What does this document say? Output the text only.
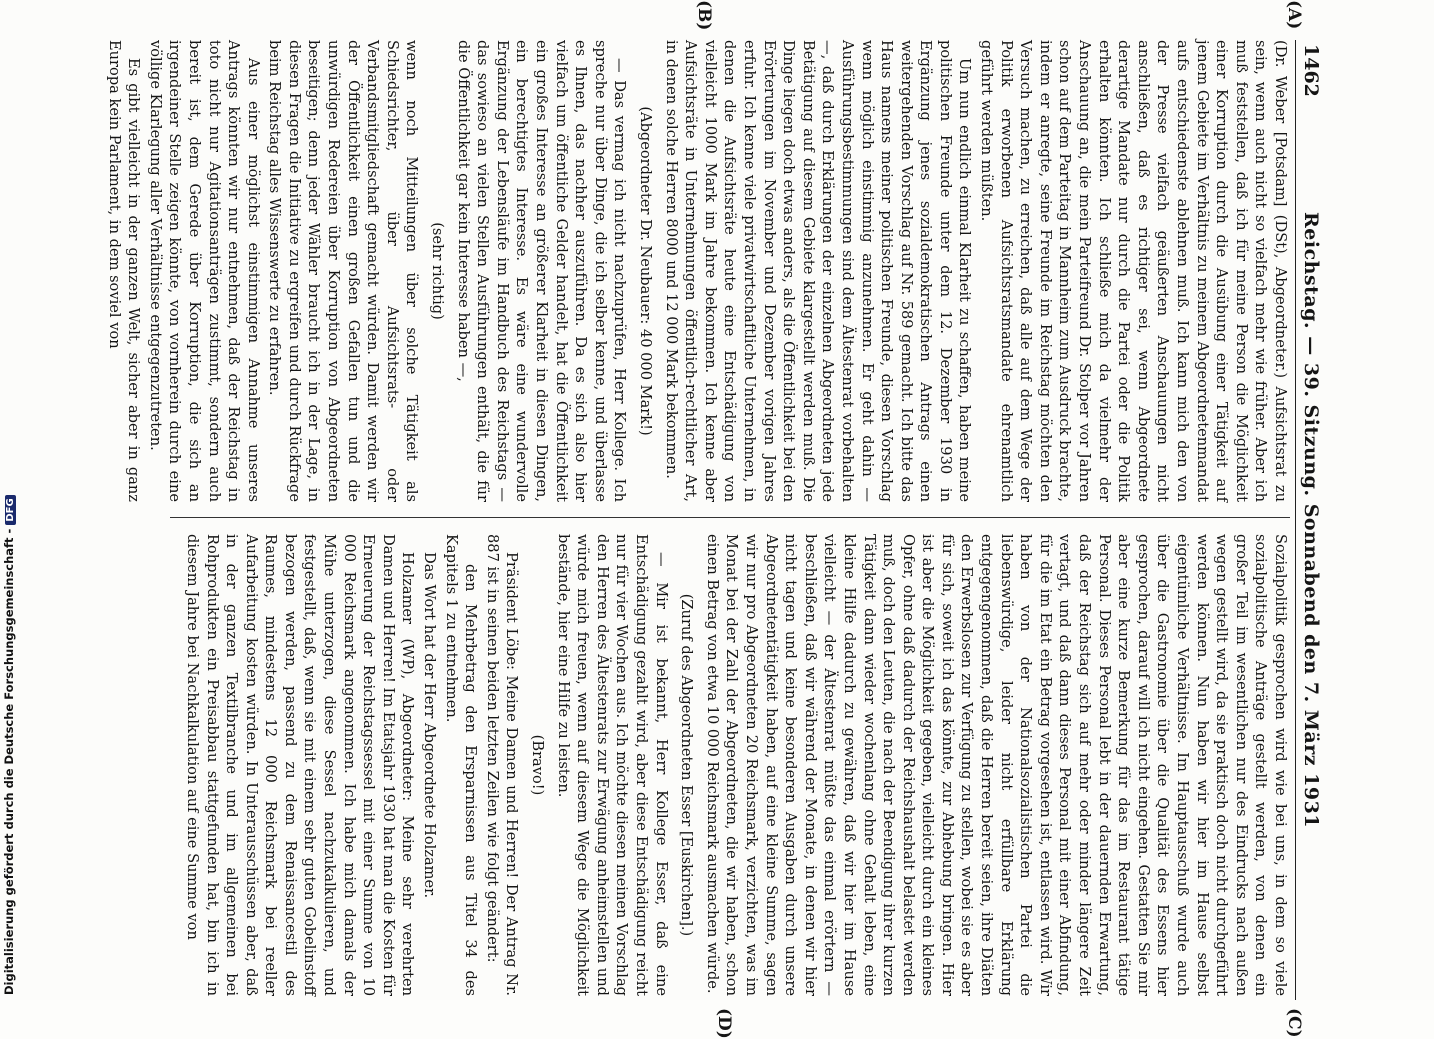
1462
Reichstag. — 39. Sitzung. Sonnabend den 7. März 1931
(A)
(B)
(C)
(D)

(Dr. Weber [Potsdam] (DSt), Abgeordneter.) Aufsichtsrat zu sein, wenn auch nicht so vielfach mehr wie früher. Aber ich muß feststellen, daß ich für meine Person die Möglichkeit einer Korruption durch die Ausübung einer Tätigkeit auf jenem Gebiete im Verhältnis zu meinem Abgeordnetenmandat aufs entschiedenste ablehnen muß. Ich kann mich den von der Presse vielfach geäußerten Anschauungen nicht anschließen, daß es richtiger sei, wenn Abgeordnete derartige Mandate nur durch die Partei oder die Politik erhalten könnten. Ich schließe mich da vielmehr der Anschauung an, die mein Parteifreund Dr. Stolper vor Jahren schon auf dem Parteitag in Mannheim zum Ausdruck brachte, indem er anregte, seine Freunde im Reichstag möchten den Versuch machen, zu erreichen, daß alle auf dem Wege der Politik erworbenen Aufsichtsratsmandate ehrenamtlich geführt werden müßten.

Um nun endlich einmal Klarheit zu schaffen, haben meine politischen Freunde unter dem 12. Dezember 1930 in Ergänzung jenes sozialdemokratischen Antrags einen weitergehenden Vorschlag auf Nr. 589 gemacht. Ich bitte das Haus namens meiner politischen Freunde, diesen Vorschlag wenn möglich einstimmig anzunehmen. Er geht dahin — Ausführungsbestimmungen sind dem Ältestenrat vorbehalten —, daß durch Erklärungen der einzelnen Abgeordneten jede Betätigung auf diesem Gebiete klargestellt werden muß. Die Dinge liegen doch etwas anders, als die Öffentlichkeit bei den Erörterungen im November und Dezember vorigen Jahres erfuhr. Ich kenne viele privatwirtschaftliche Unternehmen, in denen die Aufsichtsräte heute eine Entschädigung von vielleicht 1000 Mark im Jahre bekommen. Ich kenne aber Aufsichtsräte in Unternehmungen öffentlich-rechtlicher Art, in denen solche Herren 8000 und 12 000 Mark bekommen.

(Abgeordneter Dr. Neubauer: 40 000 Mark!)

— Das vermag ich nicht nachzuprüfen, Herr Kollege. Ich spreche nur über Dinge, die ich selber kenne, und überlasse es Ihnen, das nachher auszuführen. Da es sich also hier vielfach um öffentliche Gelder handelt, hat die Öffentlichkeit ein großes Interesse an größerer Klarheit in diesen Dingen, ein berechtigtes Interesse. Es wäre eine wundervolle Ergänzung der Lebensläufe im Handbuch des Reichstags — das sowieso an vielen Stellen Ausführungen enthält, die für die Öffentlichkeit gar kein Interesse haben —,

(sehr richtig)

wenn noch Mitteilungen über solche Tätigkeit als Schiedsrichter, über Aufsichtsrats- oder Verbandsmitgliedschaft gemacht würden. Damit werden wir der Öffentlichkeit einen großen Gefallen tun und die unwürdigen Redereien über Korruption von Abgeordneten beseitigen; denn jeder Wähler braucht ich in der Lage, in diesen Fragen die Initiative zu ergreifen und durch Rückfrage beim Reichstag alles Wissenswerte zu erfahren.

Aus einer möglichst einstimmigen Annahme unseres Antrags könnten wir nur entnehmen, daß der Reichstag in toto nicht nur Agitationsanträgen zustimmt, sondern auch bereit ist, dem Gerede über Korruption, die sich an irgendeiner Stelle zeigen könnte, von vornherein durch eine völlige Klarlegung aller Verhältnisse entgegenzutreten.

Es gibt vielleicht in der ganzen Welt, sicher aber in ganz Europa kein Parlament, in dem soviel von

Sozialpolitik gesprochen wird wie bei uns, in dem so viele sozialpolitische Anträge gestellt werden, von denen ein großer Teil im wesentlichen nur des Eindrucks nach außen wegen gestellt wird, da sie praktisch doch nicht durchgeführt werden können. Nun haben wir hier im Hause selbst eigentümliche Verhältnisse. Im Hauptausschuß wurde auch über die Gastronomie über die Qualität des Essens hier gesprochen, darauf will ich nicht eingehen. Gestatten Sie mir aber eine kurze Bemerkung für das im Restaurant tätige Personal. Dieses Personal lebt in der dauernden Erwartung, daß der Reichstag sich auf mehr oder minder längere Zeit vertagt, und daß dann dieses Personal mit einer Abfindung, für die im Etat ein Betrag vorgesehen ist, entlassen wird. Wir haben von der Nationalsozialistischen Partei die liebenswürdige, leider nicht erfüllbare Erklärung entgegengenommen, daß die Herren bereit seien, ihre Diäten den Erwerbslosen zur Verfügung zu stellen, wobei sie es aber für sich, soweit ich das könnte, zur Abhebung bringen. Hier ist aber die Möglichkeit gegeben, vielleicht durch ein kleines Opfer, ohne daß dadurch der Reichshaushalt belastet werden muß, doch den Leuten, die nach der Beendigung ihrer kurzen Tätigkeit dann wieder wochenlang ohne Gehalt leben, eine kleine Hilfe dadurch zu gewähren, daß wir hier im Hause vielleicht — der Ältestenrat müßte das einmal erörtern — beschließen, daß wir während der Monate, in denen wir hier nicht tagen und keine besonderen Ausgaben durch unsere Abgeordnetentätigkeit haben, auf eine kleine Summe, sagen wir nur pro Abgeordneten 20 Reichsmark, verzichten, was im Monat bei der Zahl der Abgeordneten, die wir haben, schon einen Betrag von etwa 10 000 Reichsmark ausmachen würde.

(Zuruf des Abgeordneten Esser [Euskirchen].)

— Mir ist bekannt, Herr Kollege Esser, daß eine Entschädigung gezahlt wird, aber diese Entschädigung reicht nur für vier Wochen aus. Ich möchte diesen meinen Vorschlag den Herren des Ältestenrats zur Erwägung anheimstellen und würde mich freuen, wenn auf diesem Wege die Möglichkeit bestände, hier eine Hilfe zu leisten.

(Bravo!)

Präsident Löbe: Meine Damen und Herren! Der Antrag Nr. 887 ist in seinen beiden letzten Zeilen wie folgt geändert:

den Mehrbetrag den Ersparnissen aus Titel 34 des Kapitels 1 zu entnehmen.

Das Wort hat der Herr Abgeordnete Holzamer.

Holzamer (WP), Abgeordneter: Meine sehr verehrten Damen und Herren! Im Etatsjahr 1930 hat man die Kosten für Erneuerung der Reichstagssessel mit einer Summe von 10 000 Reichsmark angenommen. Ich habe mich damals der Mühe unterzogen, diese Sessel nachzukalkulieren, und festgestellt, daß, wenn sie mit einem sehr guten Gobelinstoff bezogen werden, passend zu dem Renaissancestil des Raumes, mindestens 12 000 Reichsmark bei reeller Aufarbeitung kosten würden. In Unterausschüssen aber, daß in der ganzen Textilbranche und im allgemeinen bei Rohprodukten ein Preisabbau stattgefunden hat, bin ich in diesem Jahre bei Nachkalkulation auf eine Summe von

Digitalisierung gefördert durch die Deutsche Forschungsgemeinschaft -DFG
